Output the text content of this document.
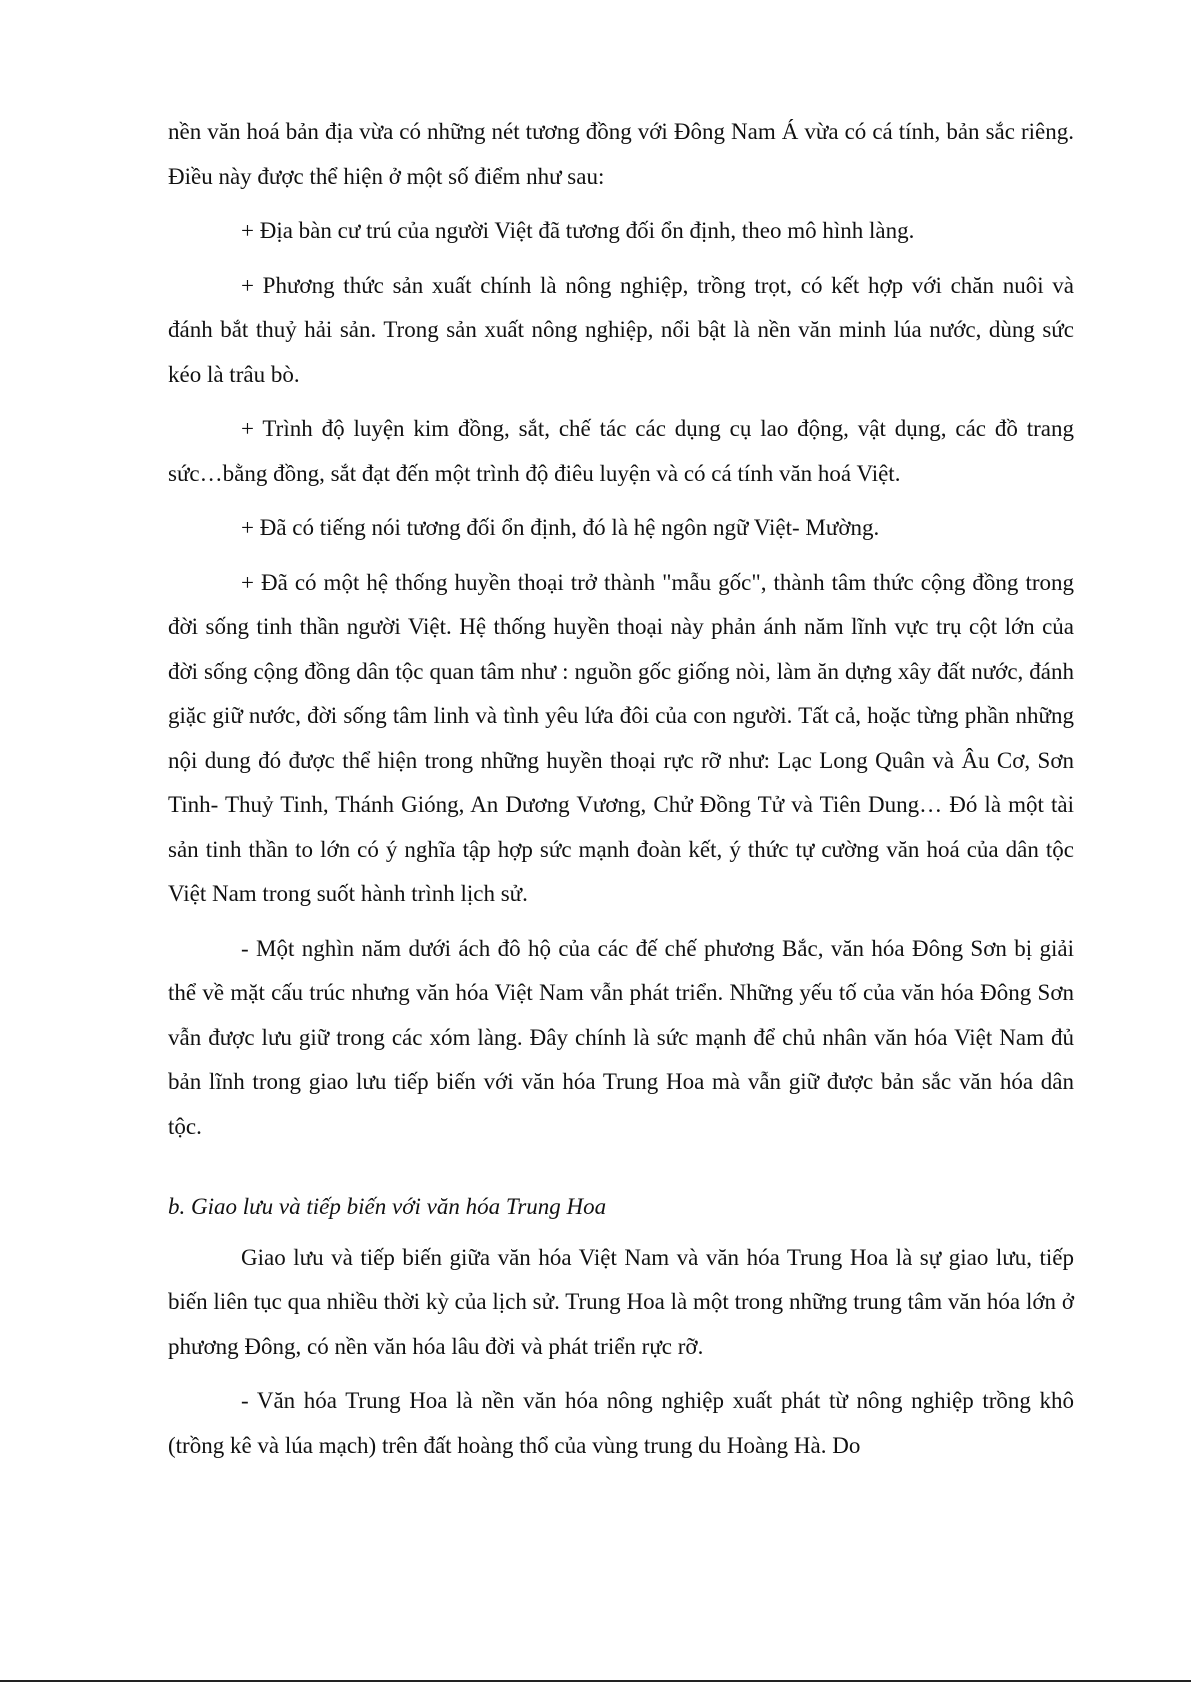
nền văn hoá bản địa vừa có những nét tương đồng với Đông Nam Á vừa có cá tính, bản sắc riêng. Điều này được thể hiện ở một số điểm như sau:

+ Địa bàn cư trú của người Việt đã tương đối ổn định, theo mô hình làng.

+ Phương thức sản xuất chính là nông nghiệp, trồng trọt, có kết hợp với chăn nuôi và đánh bắt thuỷ hải sản. Trong sản xuất nông nghiệp, nổi bật là nền văn minh lúa nước, dùng sức kéo là trâu bò.

+ Trình độ luyện kim đồng, sắt, chế tác các dụng cụ lao động, vật dụng, các đồ trang sức…bằng đồng, sắt đạt đến một trình độ điêu luyện và có cá tính văn hoá Việt.

+ Đã có tiếng nói tương đối ổn định, đó là hệ ngôn ngữ Việt- Mường.

+ Đã có một hệ thống huyền thoại trở thành "mẫu gốc", thành tâm thức cộng đồng trong đời sống tinh thần người Việt. Hệ thống huyền thoại này phản ánh năm lĩnh vực trụ cột lớn của đời sống cộng đồng dân tộc quan tâm như : nguồn gốc giống nòi, làm ăn dựng xây đất nước, đánh giặc giữ nước, đời sống tâm linh và tình yêu lứa đôi của con người. Tất cả, hoặc từng phần những nội dung đó được thể hiện trong những huyền thoại rực rỡ như: Lạc Long Quân và Âu Cơ, Sơn Tinh- Thuỷ Tinh, Thánh Gióng, An Dương Vương, Chử Đồng Tử và Tiên Dung… Đó là một tài sản tinh thần to lớn có ý nghĩa tập hợp sức mạnh đoàn kết, ý thức tự cường văn hoá của dân tộc Việt Nam trong suốt hành trình lịch sử.

- Một nghìn năm dưới ách đô hộ của các đế chế phương Bắc, văn hóa Đông Sơn bị giải thể về mặt cấu trúc nhưng văn hóa Việt Nam vẫn phát triển. Những yếu tố của văn hóa Đông Sơn vẫn được lưu giữ trong các xóm làng. Đây chính là sức mạnh để chủ nhân văn hóa Việt Nam đủ bản lĩnh trong giao lưu tiếp biến với văn hóa Trung Hoa mà vẫn giữ được bản sắc văn hóa dân tộc.

b. Giao lưu và tiếp biến với văn hóa Trung Hoa

Giao lưu và tiếp biến giữa văn hóa Việt Nam và văn hóa Trung Hoa là sự giao lưu, tiếp biến liên tục qua nhiều thời kỳ của lịch sử. Trung Hoa là một trong những trung tâm văn hóa lớn ở phương Đông, có nền văn hóa lâu đời và phát triển rực rỡ.

- Văn hóa Trung Hoa là nền văn hóa nông nghiệp xuất phát từ nông nghiệp trồng khô (trồng kê và lúa mạch) trên đất hoàng thổ của vùng trung du Hoàng Hà. Do
